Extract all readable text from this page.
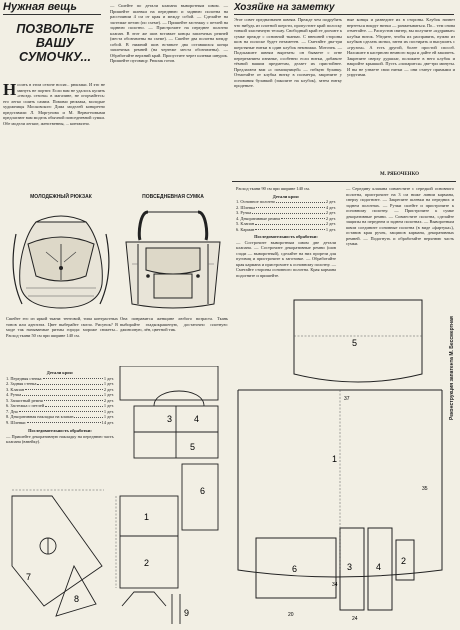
Нужная вещь
ПОЗВОЛЬТЕ ВАШУ СУМОЧКУ...
Н осить в этом сезоне носят... рюкзаки. И это не минуть не портит. Если вам не удалось купить «гвоздь сезона» в магазине, не огорчайтесь: его легко сшить самим. Помимо рюкзака, молодые художницы Московского Дома моделей конкретно представили Л. Моргунова и М. Верви-новыми предлагают вам модель обычной повседневной сумки. Обе модели легкие, женственны, ... контактно.
— Сшейте по детали клапана выворотным швом. — Пришейте шлевки на переднюю и заднюю полотна на расстоянии 4 см от края и между собой. — Сделайте на застежке петлю (по схеме). — Пришейте застежку с петлей на заднюю полотно. — Пристрочите на переднее полотно клапан. В этот же шов вставьте концы заплечных ремней (места обозначены на схеме). — Сшейте два полотна между собой. В нижний шов вставьте два оставшихся конца заплечных ремней (на чертеже места обозначены). — Обработайте верхний край. Пропустите через шлевки шнурок. Пришейте пуговицу. Рюкзак готов.
Хозяйке на заметку
Этот совет предназначен швеям. Прежде чем подрубить что нибудь из плотной шерсти, пропустите край полоску тонкой эластичную тесьму. Свободный край ее доочите к сумке прежде с основной тканью. С внешней стороны шов на полоске будет незаметен. — Сметайте два-три шерстяные нитки в один клубок немножко. Моточек. — Подскажите швеям вырезать: он бываете с огне перерезанием изнанке, особенно если нитки, добавьте тёмной вашим предметам, делает их пристойнее. Предлагаем вам «с помощницей» — гибкую булавку. Отмотайте от клубка нитку в полметра, закрепите у основания булавкой (заколите на клубок), затем нитку проденьте.
ные концы и разведите их в стороны. Клубок начнет вертеться вокруг нитки — разматываться. По... тем снова отметайте. — Распустив свитер, вы получите «кудрявые» клубки ниток. Убедите, чтобы их расправить, нужно из клубков сделать мотки, затем их постирать и высушить с «грузом». А есть другой, более простой способ. Наложите в кастрюлю немного воды и дайте ей закипеть. Закрепите сверху дуршлаг, положите в него клубок и накройте крышкой. Пусть «попарится» две-три минуты. И вы не узнаете свои нитки — они станут прямыми и упругими.
М. РЯБОЧЕНКО
МОЛОДЕЖНЫЙ РЮКЗАК	ПОВСЕДНЕВНАЯ СУМКА
Сшейте его из яркой ткани: тентовой, типа контрастных тонов или адептата. Цвет выберайте смело. Рисунок? В моде так называемые ритмы города: мороже сюжеты... Расход ткани 50 см при ширине 140 см.
Она понравится женщине любого возраста. Ткань выбирайте гладкокрашеную, достаточно плотную: джинсовую, лён, цветной тик.
Детали кроя:
1. Передняя стенка	1 дет.
2. Задняя стенка	1 дет.
3. Клапан	2 дет.
4. Ручка	1 дет.
5. Запястный ремня	2 дет.
6. Застежка с петлей	1 дет.
7. Дно	1 дет.
8. Декоративная накладка на клапан	1 дет.
9. Шлевки	14 дет.
Последовательность обработки:
— Пришейте декоративную накладку на переднюю часть клапана (взвейку).
Расход ткани 90 см при ширине 140 см.
Детали кроя:
1. Основное полотно	2 дет.
2. Шлевка	4 дет.
3. Ручка	2 дет.
4. Декоративные ремни	2 дет.
5. Клапан	2 дет.
6. Карман	1 дет.
Последовательность обработки:
— Сострочите выворотным швом две детали клапана. — Сострочите декоративные ремни (шов сзади — выворотный), сделайте на них прорези для пуговиц и пристрочите к заготовке. — Обработайте края кармана и пристрочите к основному полотну. — Сметайте стороны основного полотна. Края кармана подогните и пришейте.
— Середину клапана совместите с середкой основного полотна, пристрочите на 3 см ниже линии кармана, сверху подогните. — Закрепите шлевки на передних и заднем полотнах. — Ручки сшейте и пристрочите к основному полотну. — Пристрочите к сумке декоративные ремни. — Совместите полотна, сделайте защипы на переднем и заднем полотнах. — Выворотным швом соедините основные полотна (в виде «фартука»), оставив края ручек, защипов кармана, декоративных ремней. — Подогнуть и обработайте верхнюю часть сумки.
3 4
5
6
2
1
7
8
9
5
1
6	3	4
2
35
37
34
24
20
Реконструкция запатента М. Бессмертная
